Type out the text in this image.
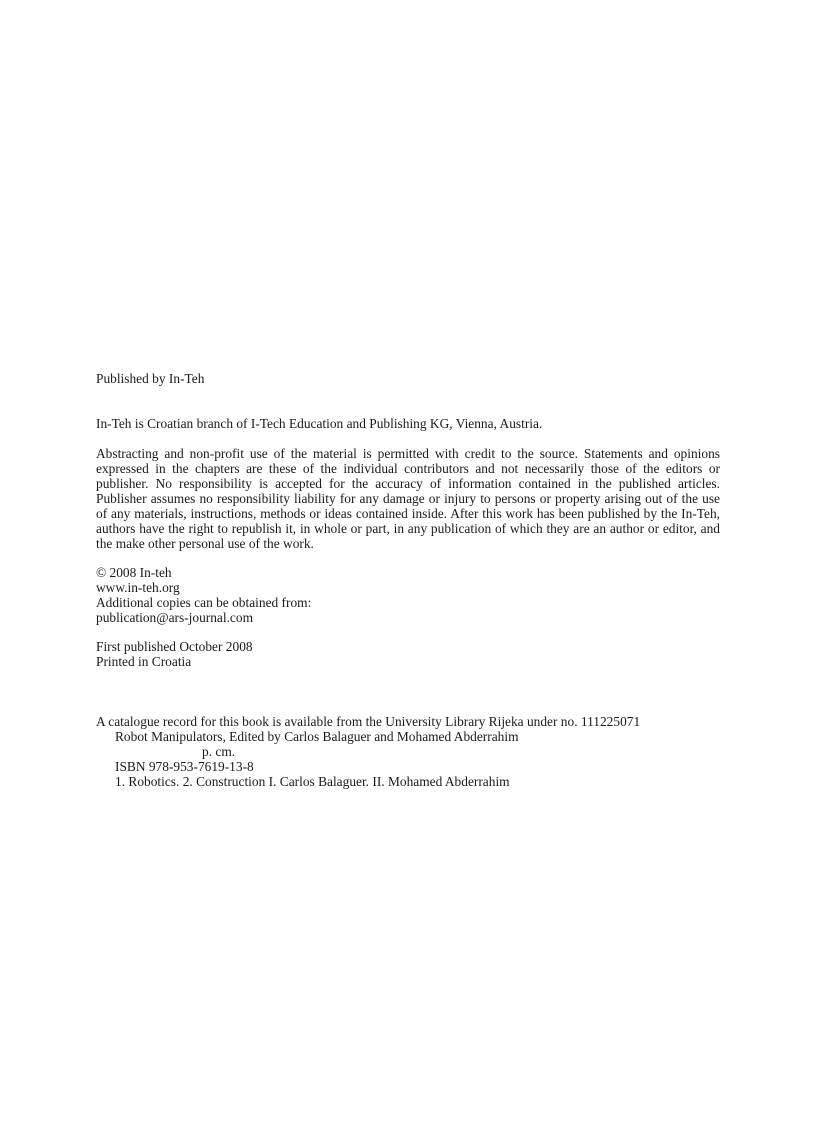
Published by In-Teh
In-Teh is Croatian branch of I-Tech Education and Publishing KG, Vienna, Austria.
Abstracting and non-profit use of the material is permitted with credit to the source. Statements and opinions expressed in the chapters are these of the individual contributors and not necessarily those of the editors or publisher. No responsibility is accepted for the accuracy of information contained in the published articles. Publisher assumes no responsibility liability for any damage or injury to persons or property arising out of the use of any materials, instructions, methods or ideas contained inside. After this work has been published by the In-Teh, authors have the right to republish it, in whole or part, in any publication of which they are an author or editor, and the make other personal use of the work.
© 2008 In-teh
www.in-teh.org
Additional copies can be obtained from:
publication@ars-journal.com
First published October 2008
Printed in Croatia
A catalogue record for this book is available from the University Library Rijeka under no. 111225071
Robot Manipulators, Edited by Carlos Balaguer and Mohamed Abderrahim
p. cm.
ISBN 978-953-7619-13-8
1. Robotics. 2. Construction I. Carlos Balaguer. II. Mohamed Abderrahim
